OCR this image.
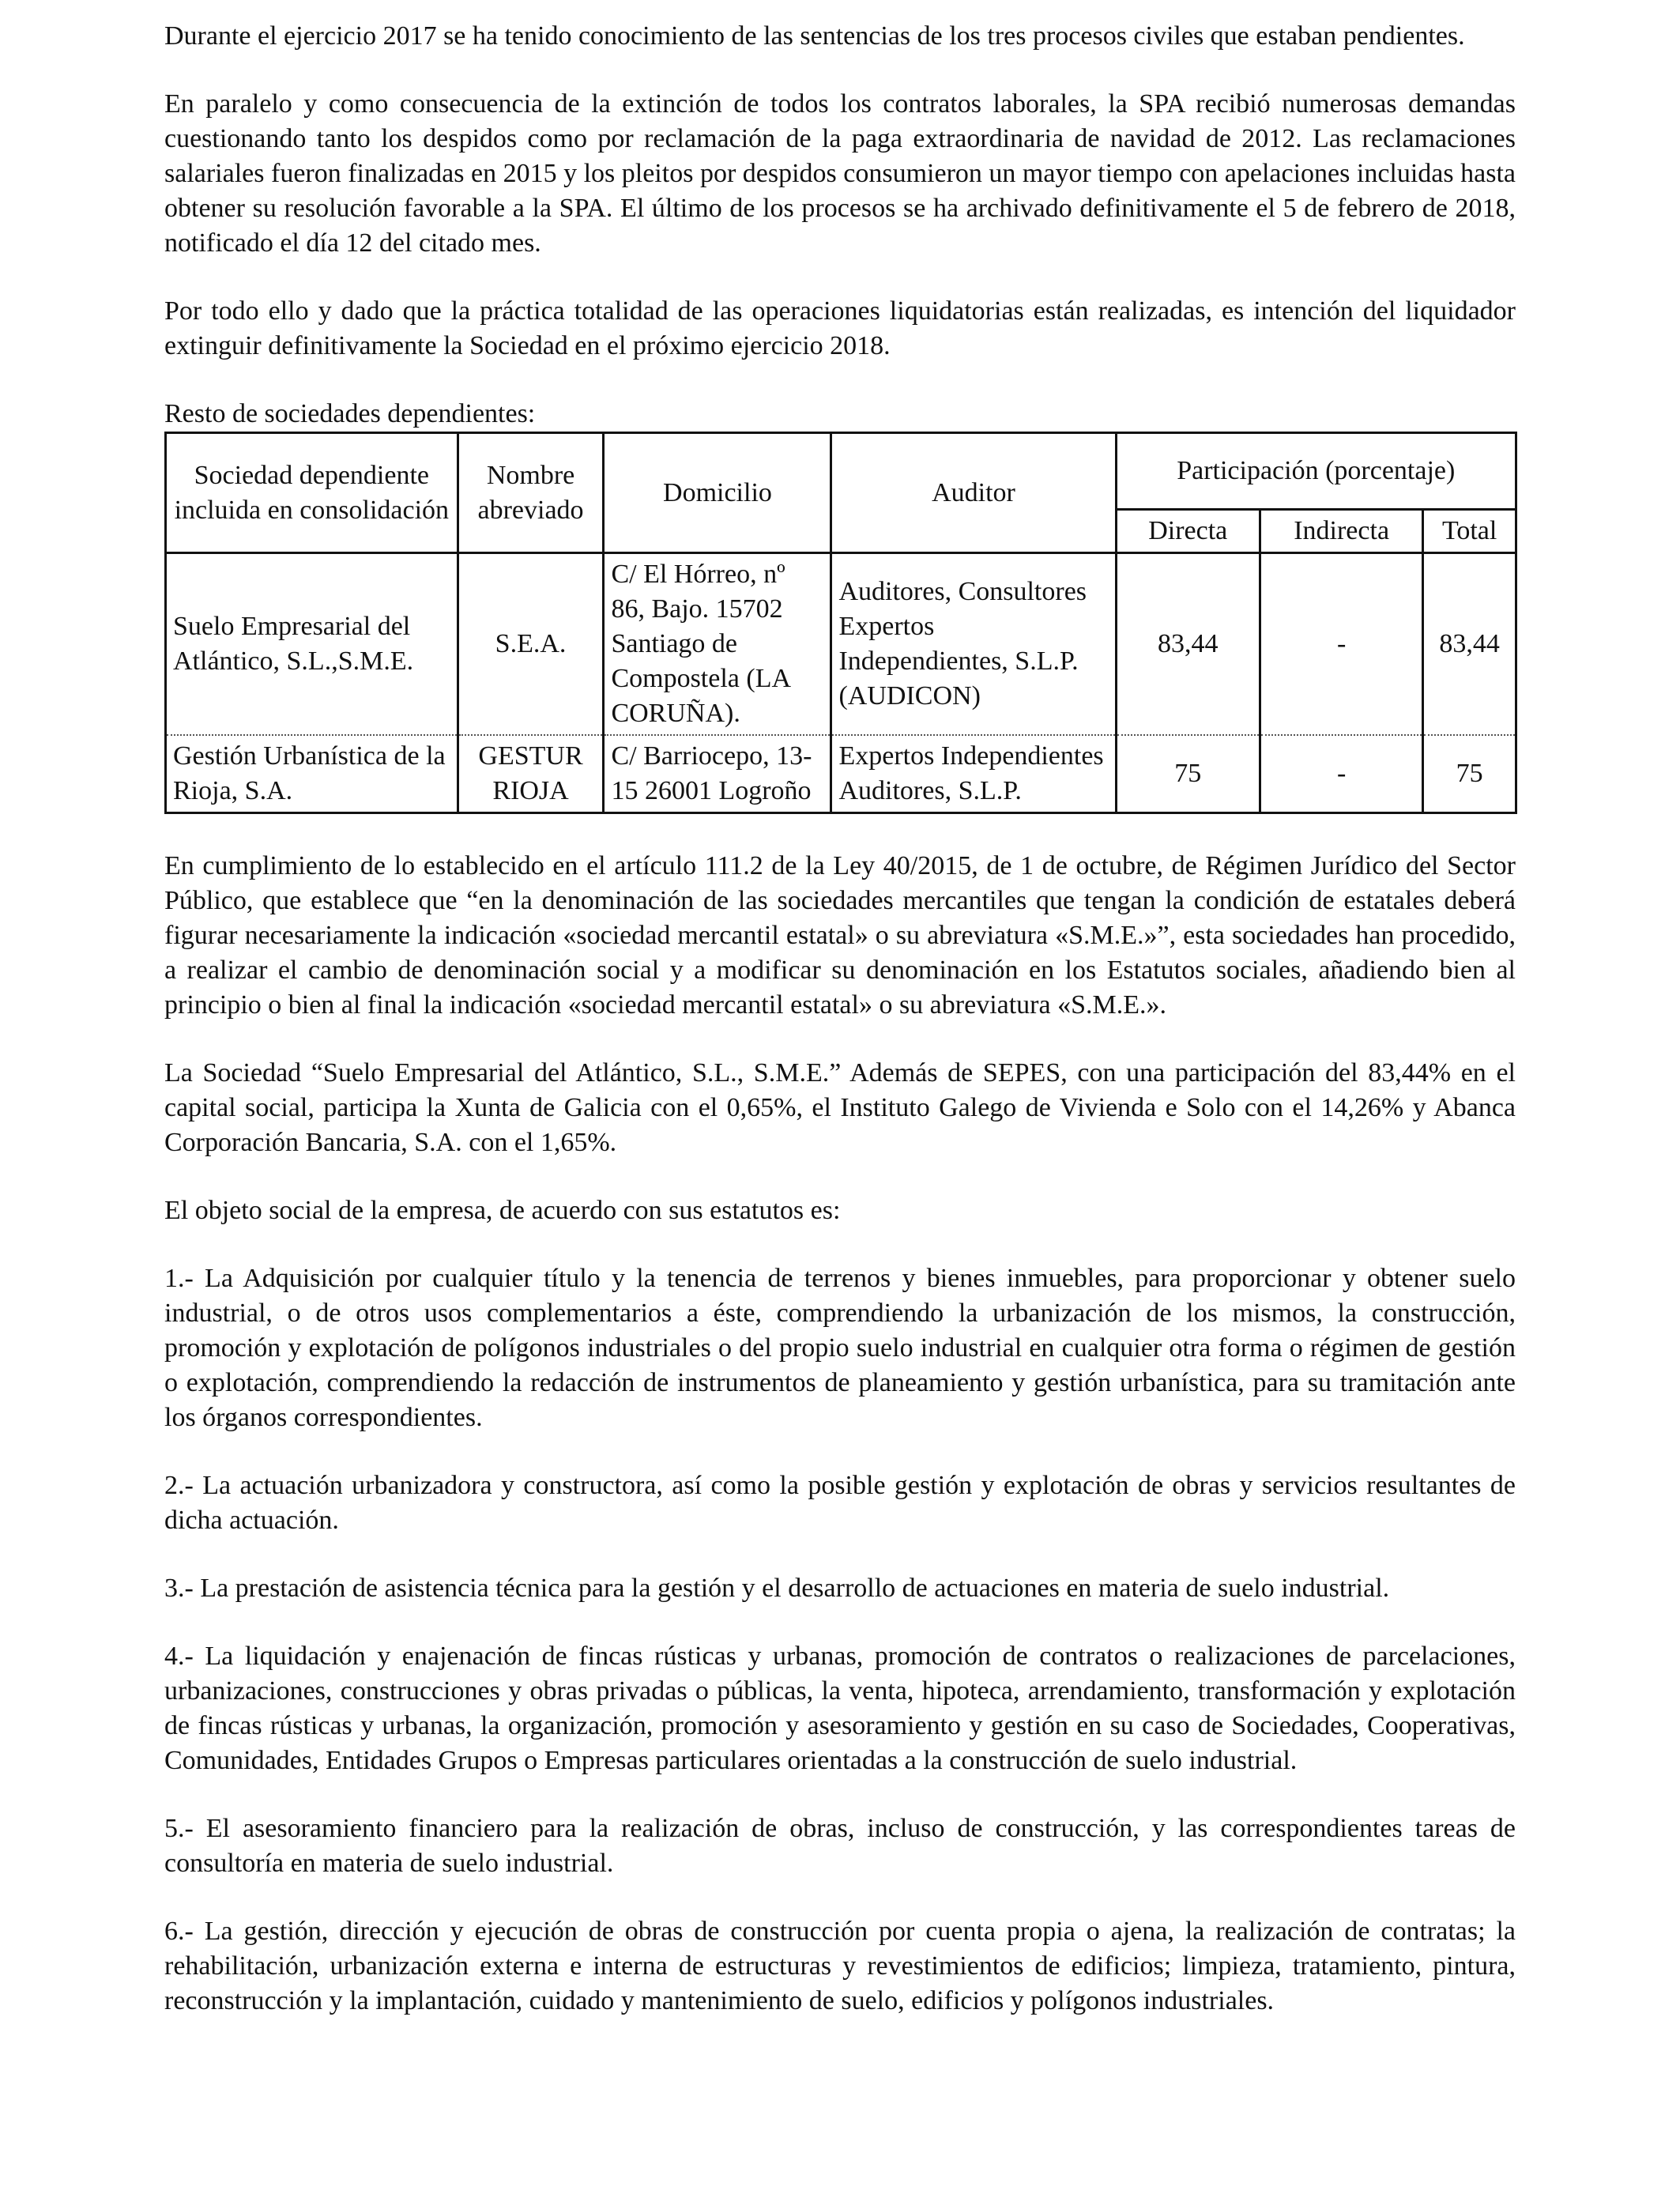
Durante el ejercicio 2017 se ha tenido conocimiento de las sentencias de los tres procesos civiles que estaban pendientes.

En paralelo y como consecuencia de la extinción de todos los contratos laborales, la SPA recibió numerosas demandas cuestionando tanto los despidos como por reclamación de la paga extraordinaria de navidad de 2012. Las reclamaciones salariales fueron finalizadas en 2015 y los pleitos por despidos consumieron un mayor tiempo con apelaciones incluidas hasta obtener su resolución favorable a la SPA. El último de los procesos se ha archivado definitivamente el 5 de febrero de 2018, notificado el día 12 del citado mes.

Por todo ello y dado que la práctica totalidad de las operaciones liquidatorias están realizadas, es intención del liquidador extinguir definitivamente la Sociedad en el próximo ejercicio 2018.

Resto de sociedades dependientes:

Sociedad dependiente incluida en consolidación	Nombre abreviado	Domicilio	Auditor	Participación (porcentaje)		
				Directa	Indirecta	Total
Suelo Empresarial del Atlántico, S.L.,S.M.E.	S.E.A.	C/ El Hórreo, nº 86, Bajo. 15702 Santiago de Compostela (LA CORUÑA).	Auditores, Consultores Expertos Independientes, S.L.P. (AUDICON)	83,44	-	83,44
Gestión Urbanística de la Rioja, S.A.	GESTUR RIOJA	C/ Barriocepo, 13-15 26001 Logroño	Expertos Independientes Auditores, S.L.P.	75	-	75

En cumplimiento de lo establecido en el artículo 111.2 de la Ley 40/2015, de 1 de octubre, de Régimen Jurídico del Sector Público, que establece que “en la denominación de las sociedades mercantiles que tengan la condición de estatales deberá figurar necesariamente la indicación «sociedad mercantil estatal» o su abreviatura «S.M.E.»”, esta sociedades han procedido, a realizar el cambio de denominación social y a modificar su denominación en los Estatutos sociales, añadiendo bien al principio o bien al final la indicación «sociedad mercantil estatal» o su abreviatura «S.M.E.».

La Sociedad “Suelo Empresarial del Atlántico, S.L., S.M.E.” Además de SEPES, con una participación del 83,44% en el capital social, participa la Xunta de Galicia con el 0,65%, el Instituto Galego de Vivienda e Solo con el 14,26% y Abanca Corporación Bancaria, S.A. con el 1,65%.

El objeto social de la empresa, de acuerdo con sus estatutos es:

1.- La Adquisición por cualquier título y la tenencia de terrenos y bienes inmuebles, para proporcionar y obtener suelo industrial, o de otros usos complementarios a éste, comprendiendo la urbanización de los mismos, la construcción, promoción y explotación de polígonos industriales o del propio suelo industrial en cualquier otra forma o régimen de gestión o explotación, comprendiendo la redacción de instrumentos de planeamiento y gestión urbanística, para su tramitación ante los órganos correspondientes.

2.- La actuación urbanizadora y constructora, así como la posible gestión y explotación de obras y servicios resultantes de dicha actuación.

3.- La prestación de asistencia técnica para la gestión y el desarrollo de actuaciones en materia de suelo industrial.

4.- La liquidación y enajenación de fincas rústicas y urbanas, promoción de contratos o realizaciones de parcelaciones, urbanizaciones, construcciones y obras privadas o públicas, la venta, hipoteca, arrendamiento, transformación y explotación de fincas rústicas y urbanas, la organización, promoción y asesoramiento y gestión en su caso de Sociedades, Cooperativas, Comunidades, Entidades Grupos o Empresas particulares orientadas a la construcción de suelo industrial.

5.- El asesoramiento financiero para la realización de obras, incluso de construcción, y las correspondientes tareas de consultoría en materia de suelo industrial.

6.- La gestión, dirección y ejecución de obras de construcción por cuenta propia o ajena, la realización de contratas; la rehabilitación, urbanización externa e interna de estructuras y revestimientos de edificios; limpieza, tratamiento, pintura, reconstrucción y la implantación, cuidado y mantenimiento de suelo, edificios y polígonos industriales.
